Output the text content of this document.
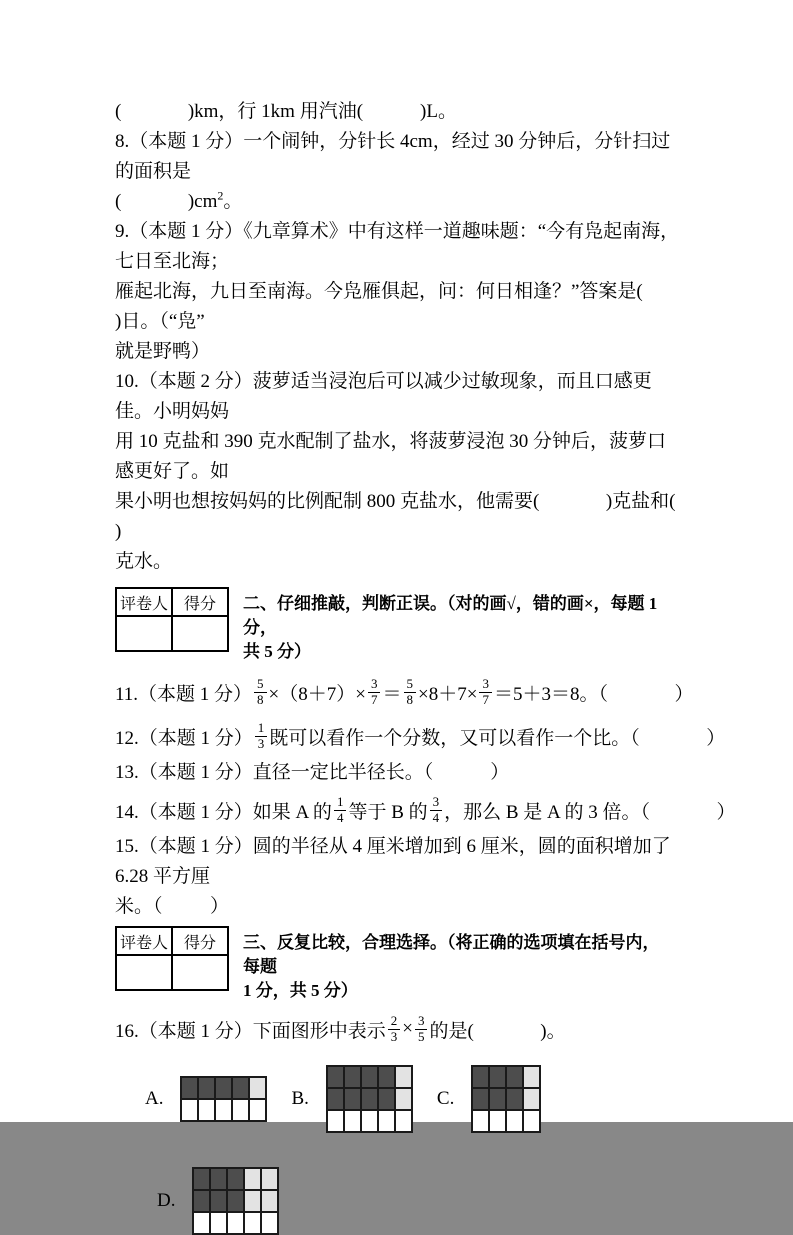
(              )km，行 1km 用汽油(            )L。
8.（本题 1 分）一个闹钟，分针长 4cm，经过 30 分钟后，分针扫过的面积是
(              )$cm^2$。
9.（本题 1 分）《九章算术》中有这样一道趣味题：“今有凫起南海，七日至北海；
雁起北海，九日至南海。今凫雁俱起，问：何日相逢？”答案是(                )日。（“凫”
就是野鸭）
10.（本题 2 分）菠萝适当浸泡后可以减少过敏现象，而且口感更佳。小明妈妈
用 10 克盐和 390 克水配制了盐水，将菠萝浸泡 30 分钟后，菠萝口感更好了。如
果小明也想按妈妈的比例配制 800 克盐水，他需要(              )克盐和(          )
克水。
评卷人	得分
	二、仔细推敲，判断正误。（对的画√，错的画×，每题 1 分，
共 5 分）
11.（本题 1 分） $\frac{5}{8} \times(8+7)\times \frac{3}{7} = \frac{5}{8} \times 8+7\times \frac{3}{7} =5+3=8$。（              ）
12.（本题 1 分） $\frac{1}{3}$ 既可以看作一个分数，又可以看作一个比。（              ）
13.（本题 1 分）直径一定比半径长。（            ）
14.（本题 1 分）如果 A 的 $\frac{1}{4}$ 等于 B 的 $\frac{3}{4}$ ，那么 B 是 A 的 3 倍。（              ）
15.（本题 1 分）圆的半径从 4 厘米增加到 6 厘米，圆的面积增加了 6.28 平方厘
米。（          ）
评卷人	得分
	三、反复比较，合理选择。（将正确的选项填在括号内，每题
1 分，共 5 分）
16.（本题 1 分）下面图形中表示 $\frac{2}{3} \times \frac{3}{5}$ 的是(              )。
A.	B.	C.
D.
